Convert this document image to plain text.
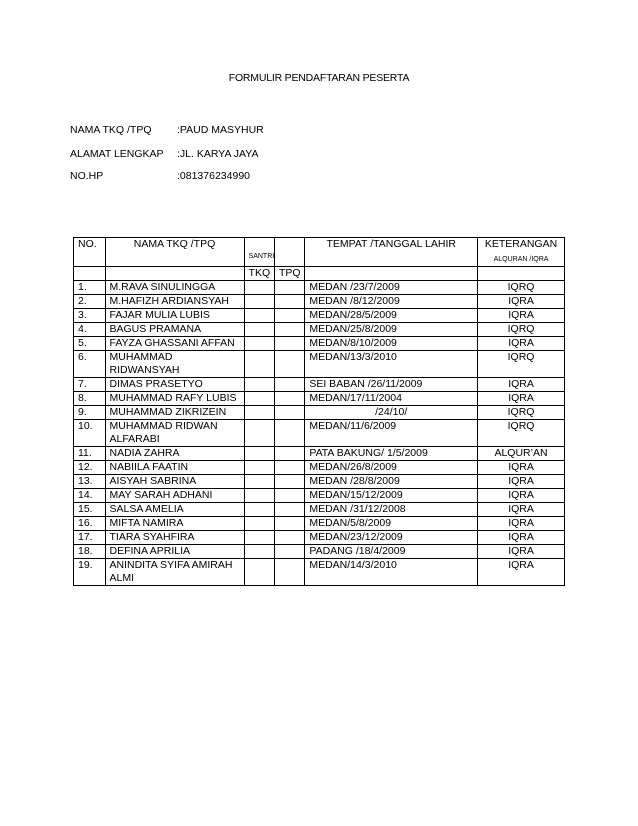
FORMULIR PENDAFTARAN PESERTA
NAMA TKQ /TPQ :PAUD MASYHUR
ALAMAT LENGKAP :JL. KARYA JAYA
NO.HP	:081376234990
NO.	NAMA TKQ /TPQ	SANTRI		TEMPAT /TANGGAL LAHIR	KETERANGAN
ALQURAN /IQRA

		TKQ	TPQ		
1.	M.RAVA SINULINGGA			MEDAN /23/7/2009	IQRQ
2.	M.HAFIZH ARDIANSYAH			MEDAN /8/12/2009	IQRA
3.	FAJAR MULIA LUBIS			MEDAN/28/5/2009	IQRA
4.	BAGUS PRAMANA			MEDAN/25/8/2009	IQRQ
5.	FAYZA GHASSANI AFFAN			MEDAN/8/10/2009	IQRA
6.	MUHAMMAD RIDWANSYAH			MEDAN/13/3/2010	IQRQ
7.	DIMAS PRASETYO			SEI BABAN /26/11/2009	IQRA
8.	MUHAMMAD RAFY LUBIS			MEDAN/17/11/2004	IQRA
9.	MUHAMMAD ZIKRIZEIN			/24/10/	IQRQ
10.	MUHAMMAD RIDWAN ALFARABI			MEDAN/11/6/2009	IQRQ
11.	NADIA ZAHRA			PATA BAKUNG/ 1/5/2009	ALQUR’AN
12.	NABIILA FAATIN			MEDAN/26/8/2009	IQRA
13.	AISYAH SABRINA			MEDAN /28/8/2009	IQRA
14.	MAY SARAH ADHANI			MEDAN/15/12/2009	IQRA
15.	SALSA AMELIA			MEDAN /31/12/2008	IQRA
16.	MIFTA NAMIRA			MEDAN/5/8/2009	IQRA
17.	TIARA SYAHFIRA			MEDAN/23/12/2009	IQRA
18.	DEFINA APRILIA			PADANG /18/4/2009	IQRA
19.	ANINDITA SYIFA AMIRAH ALMI			MEDAN/14/3/2010	IQRA
